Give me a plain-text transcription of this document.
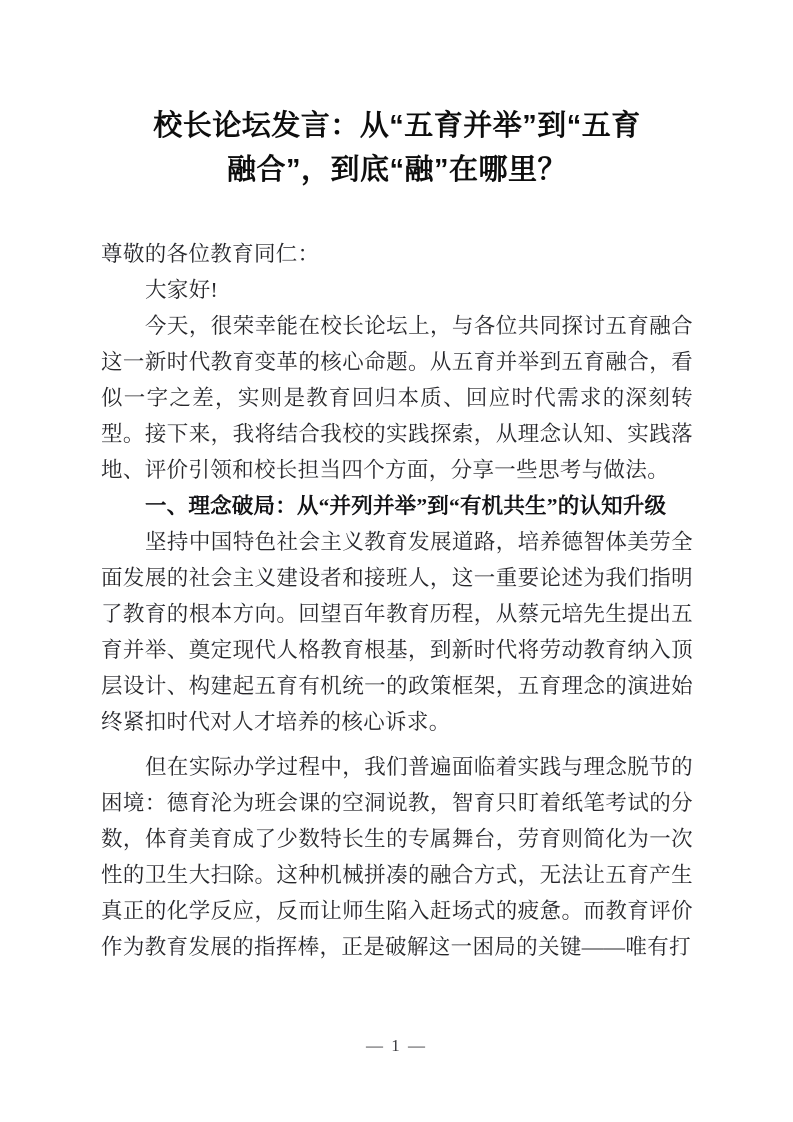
校长论坛发言：从“五育并举”到“五育
融合”，到底“融”在哪里？

尊敬的各位教育同仁：

大家好!

今天，很荣幸能在校长论坛上，与各位共同探讨五育融合这一新时代教育变革的核心命题。从五育并举到五育融合，看似一字之差，实则是教育回归本质、回应时代需求的深刻转型。接下来，我将结合我校的实践探索，从理念认知、实践落地、评价引领和校长担当四个方面，分享一些思考与做法。

一、理念破局：从“并列并举”到“有机共生”的认知升级

坚持中国特色社会主义教育发展道路，培养德智体美劳全面发展的社会主义建设者和接班人，这一重要论述为我们指明了教育的根本方向。回望百年教育历程，从蔡元培先生提出五育并举、奠定现代人格教育根基，到新时代将劳动教育纳入顶层设计、构建起五育有机统一的政策框架，五育理念的演进始终紧扣时代对人才培养的核心诉求。

但在实际办学过程中，我们普遍面临着实践与理念脱节的困境：德育沦为班会课的空洞说教，智育只盯着纸笔考试的分数，体育美育成了少数特长生的专属舞台，劳育则简化为一次性的卫生大扫除。这种机械拼凑的融合方式，无法让五育产生真正的化学反应，反而让师生陷入赶场式的疲惫。而教育评价作为教育发展的指挥棒，正是破解这一困局的关键——唯有打

— 1 —
